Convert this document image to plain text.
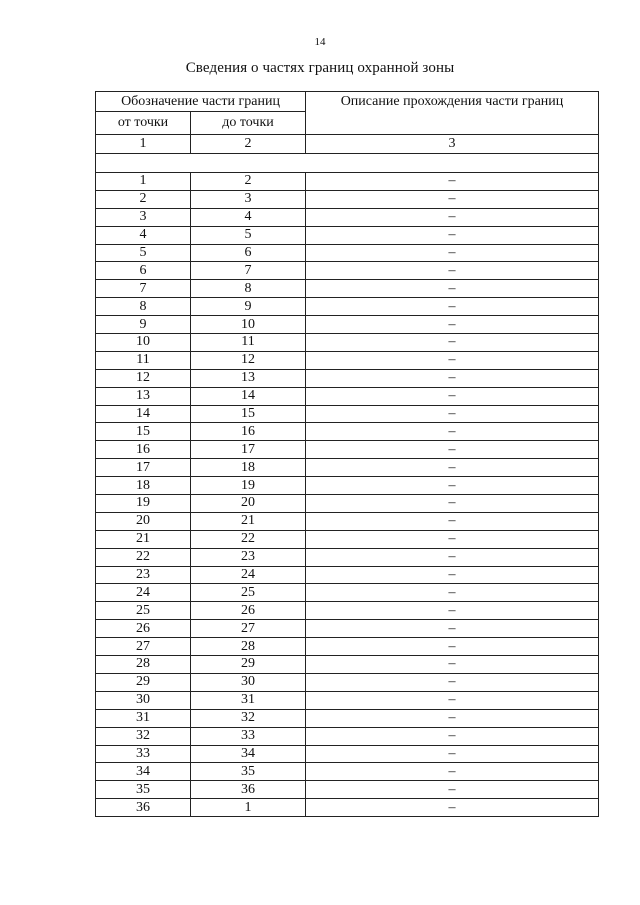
14
Сведения о частях границ охранной зоны
Обозначение части границ		Описание прохождения части границ
от точки	до точки	
1	2	3

1	2	–
2	3	–
3	4	–
4	5	–
5	6	–
6	7	–
7	8	–
8	9	–
9	10	–
10	11	–
11	12	–
12	13	–
13	14	–
14	15	–
15	16	–
16	17	–
17	18	–
18	19	–
19	20	–
20	21	–
21	22	–
22	23	–
23	24	–
24	25	–
25	26	–
26	27	–
27	28	–
28	29	–
29	30	–
30	31	–
31	32	–
32	33	–
33	34	–
34	35	–
35	36	–
36	1	–
